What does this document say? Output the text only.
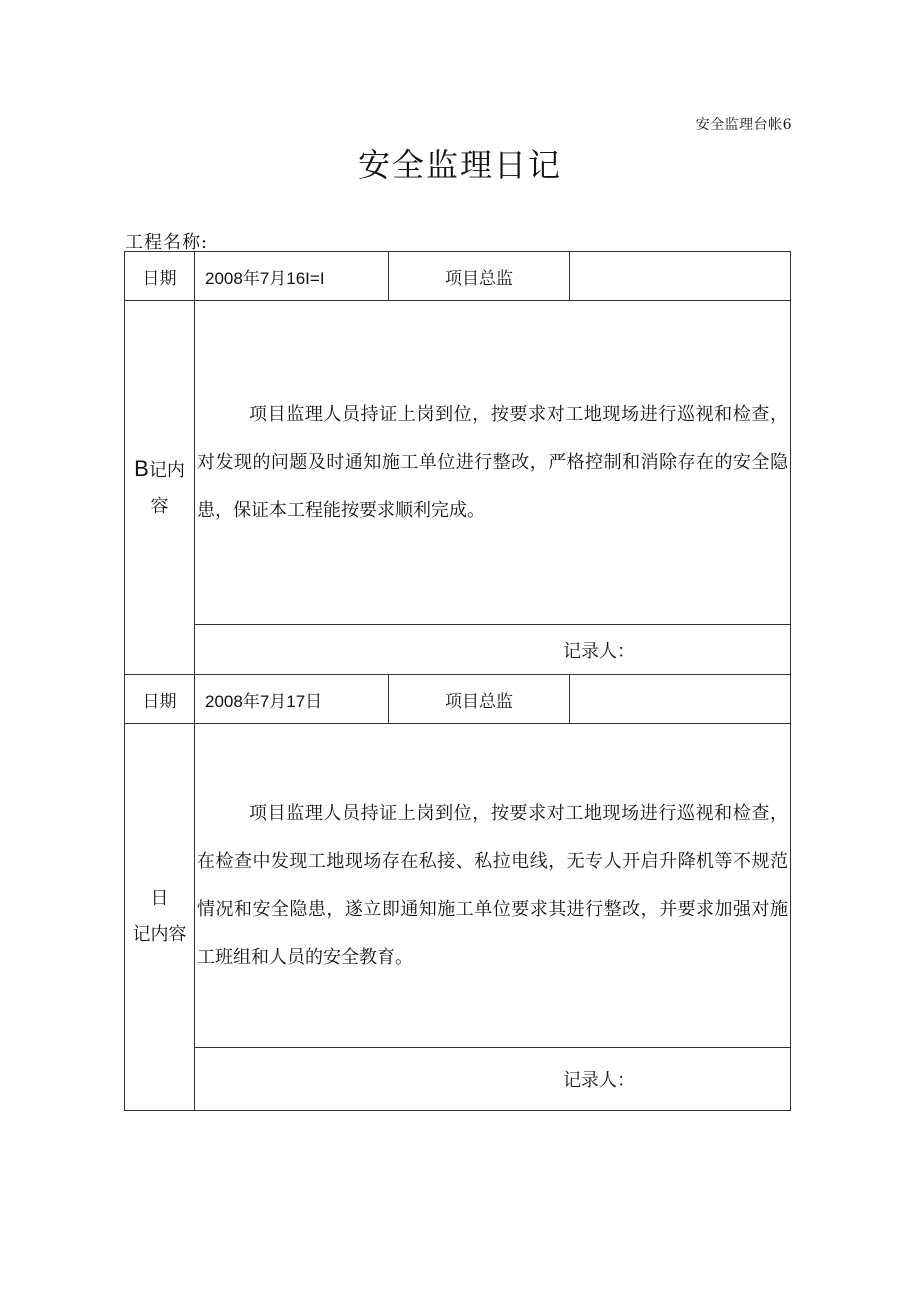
安全监理台帐6
安全监理日记
工程名称:
日期	2008年7月16I=I	项目总监	
B记内
容	项目监理人员持证上岗到位，按要求对工地现场进行巡视和检查，对发现的问题及时通知施工单位进行整改，严格控制和消除存在的安全隐患，保证本工程能按要求顺利完成。		

	记录人：		
日期	2008年7月17日	项目总监	
日
记内容	项目监理人员持证上岗到位，按要求对工地现场进行巡视和检查，在检查中发现工地现场存在私接、私拉电线，无专人开启升降机等不规范情况和安全隐患，遂立即通知施工单位要求其进行整改，并要求加强对施工班组和人员的安全教育。		

	记录人：		
